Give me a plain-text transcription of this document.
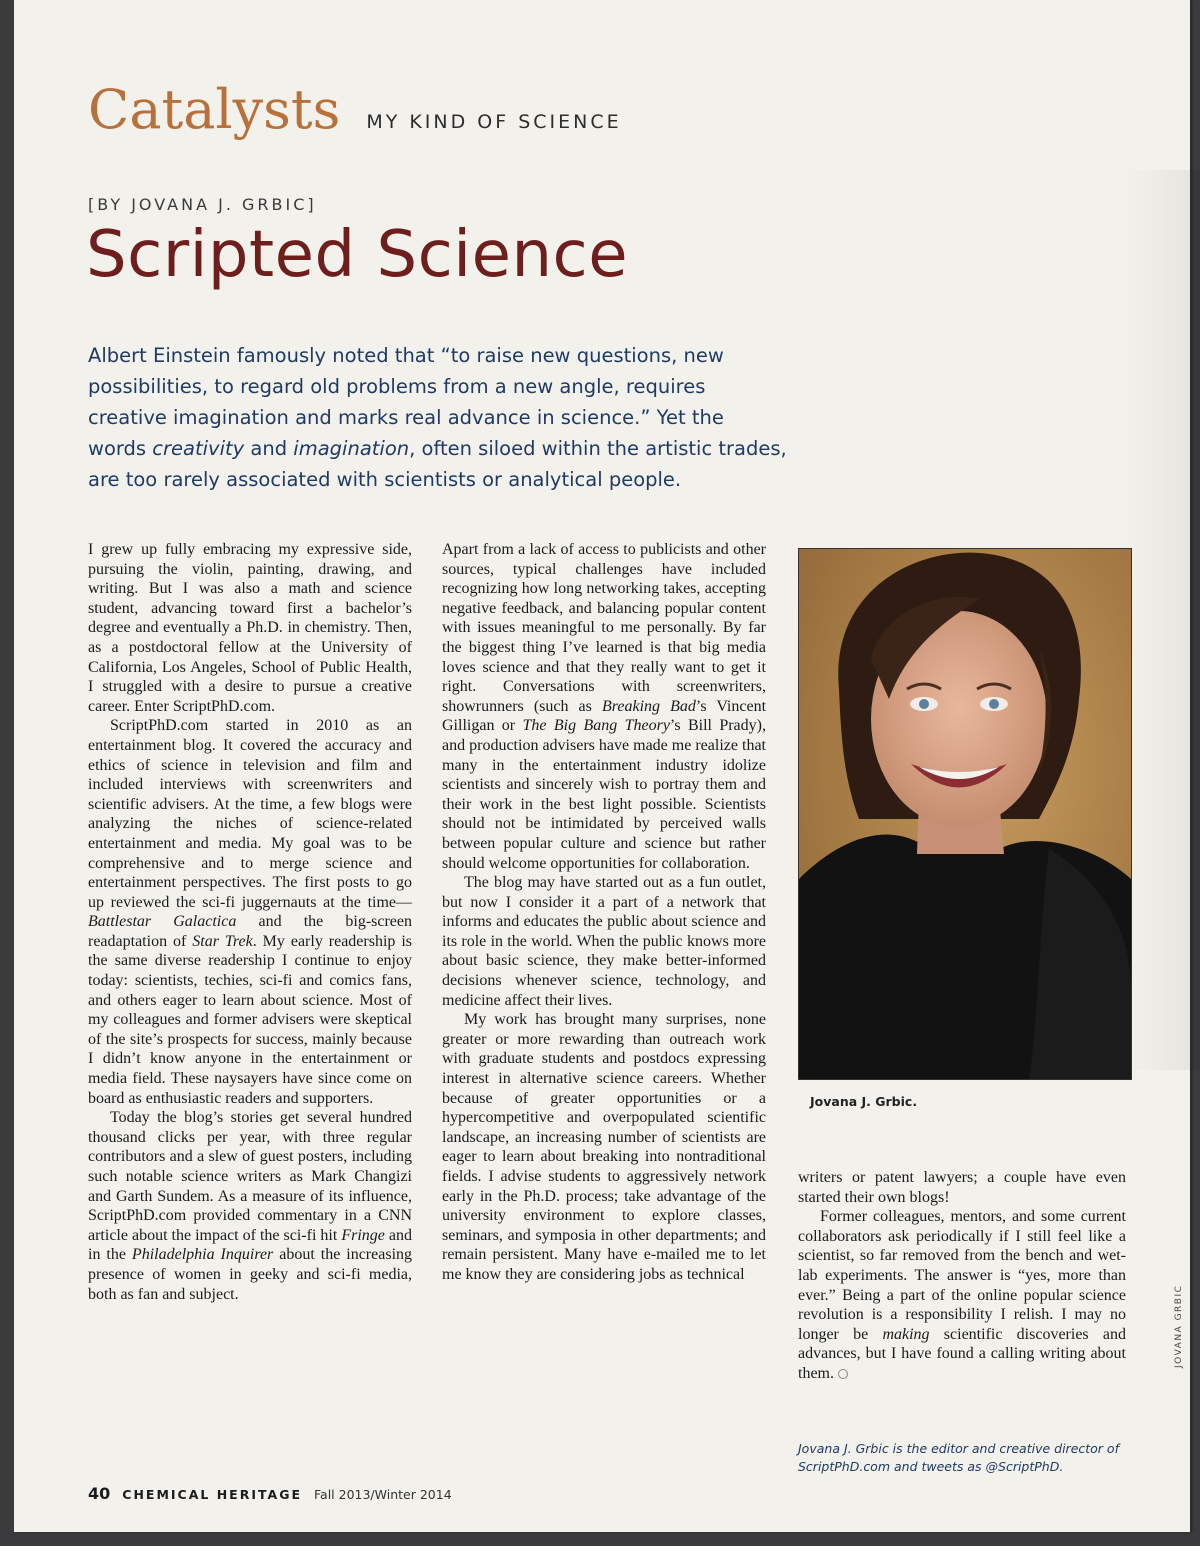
Catalysts MY KIND OF SCIENCE
[BY JOVANA J. GRBIC]
Scripted Science
Albert Einstein famously noted that “to raise new questions, new possibilities, to regard old problems from a new angle, requires creative imagination and marks real advance in science.” Yet the words creativity and imagination, often siloed within the artistic trades, are too rarely associated with scientists or analytical people.

I grew up fully embracing my expressive side, pursuing the violin, painting, drawing, and writing. But I was also a math and science student, advancing toward first a bachelor’s degree and eventually a Ph.D. in chemistry. Then, as a postdoctoral fellow at the University of California, Los Angeles, School of Public Health, I struggled with a desire to pursue a creative career. Enter ScriptPhD.com.

ScriptPhD.com started in 2010 as an entertainment blog. It covered the accuracy and ethics of science in television and film and included interviews with screenwriters and scientific advisers. At the time, a few blogs were analyzing the niches of science-related entertainment and media. My goal was to be comprehensive and to merge science and entertainment perspectives. The first posts to go up reviewed the sci-fi juggernauts at the time—Battlestar Galactica and the big-screen readaptation of Star Trek. My early readership is the same diverse readership I continue to enjoy today: scientists, techies, sci-fi and comics fans, and others eager to learn about science. Most of my colleagues and former advisers were skeptical of the site’s prospects for success, mainly because I didn’t know anyone in the entertainment or media field. These naysayers have since come on board as enthusiastic readers and supporters.

Today the blog’s stories get several hundred thousand clicks per year, with three regular contributors and a slew of guest posters, including such notable science writers as Mark Changizi and Garth Sundem. As a measure of its influence, ScriptPhD.com provided commentary in a CNN article about the impact of the sci-fi hit Fringe and in the Philadelphia Inquirer about the increasing presence of women in geeky and sci-fi media, both as fan and subject.

Apart from a lack of access to publicists and other sources, typical challenges have included recognizing how long networking takes, accepting negative feedback, and balancing popular content with issues meaningful to me personally. By far the biggest thing I’ve learned is that big media loves science and that they really want to get it right. Conversations with screenwriters, showrunners (such as Breaking Bad’s Vincent Gilligan or The Big Bang Theory’s Bill Prady), and production advisers have made me realize that many in the entertainment industry idolize scientists and sincerely wish to portray them and their work in the best light possible. Scientists should not be intimidated by perceived walls between popular culture and science but rather should welcome opportunities for collaboration.

The blog may have started out as a fun outlet, but now I consider it a part of a network that informs and educates the public about science and its role in the world. When the public knows more about basic science, they make better-informed decisions whenever science, technology, and medicine affect their lives.

My work has brought many surprises, none greater or more rewarding than outreach work with graduate students and postdocs expressing interest in alternative science careers. Whether because of greater opportunities or a hypercompetitive and overpopulated scientific landscape, an increasing number of scientists are eager to learn about breaking into nontraditional fields. I advise students to aggressively network early in the Ph.D. process; take advantage of the university environment to explore classes, seminars, and symposia in other departments; and remain persistent. Many have e-mailed me to let me know they are considering jobs as technical

Jovana J. Grbic.

writers or patent lawyers; a couple have even started their own blogs!

Former colleagues, mentors, and some current collaborators ask periodically if I still feel like a scientist, so far removed from the bench and wet-lab experiments. The answer is “yes, more than ever.” Being a part of the online popular science revolution is a responsibility I relish. I may no longer be making scientific discoveries and advances, but I have found a calling writing about them.

Jovana J. Grbic is the editor and creative director of ScriptPhD.com and tweets as @ScriptPhD.
JOVANA GRBIC
40 CHEMICAL HERITAGE Fall 2013/Winter 2014
